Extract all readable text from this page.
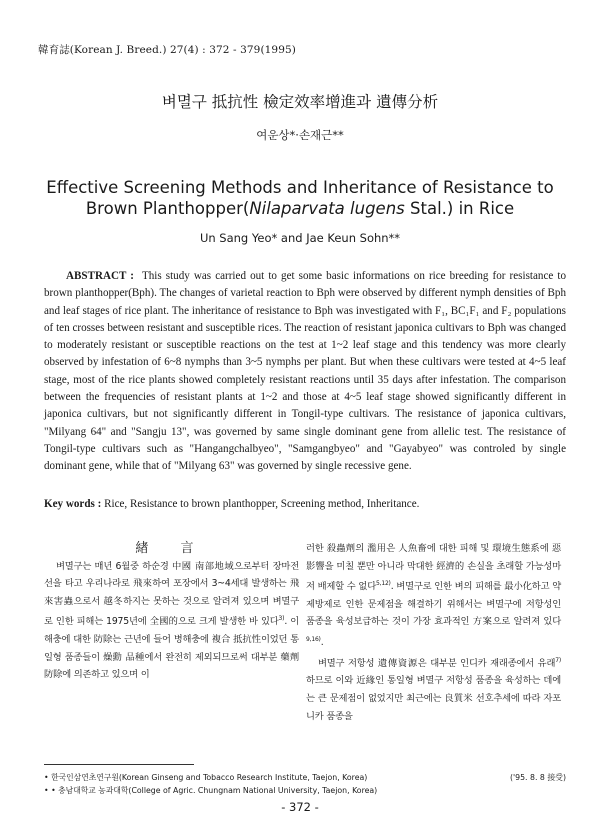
韓育誌(Korean J. Breed.) 27(4) : 372 - 379(1995)
벼멸구 抵抗性 檢定效率增進과 遺傳分析
여운상*·손재근**
Effective Screening Methods and Inheritance of Resistance to
Brown Planthopper(Nilaparvata lugens Stal.) in Rice
Un Sang Yeo* and Jae Keun Sohn**
ABSTRACT : This study was carried out to get some basic informations on rice breeding for resistance to brown planthopper(Bph). The changes of varietal reaction to Bph were observed by different nymph densities of Bph and leaf stages of rice plant. The inheritance of resistance to Bph was investigated with F₁, BC₁F₁ and F₂ populations of ten crosses between resistant and susceptible rices. The reaction of resistant japonica cultivars to Bph was changed to moderately resistant or susceptible reactions on the test at 1~2 leaf stage and this tendency was more clearly observed by infestation of 6~8 nymphs than 3~5 nymphs per plant. But when these cultivars were tested at 4~5 leaf stage, most of the rice plants showed completely resistant reactions until 35 days after infestation. The comparison between the frequencies of resistant plants at 1~2 and those at 4~5 leaf stage showed significantly different in japonica cultivars, but not significantly different in Tongil-type cultivars. The resistance of japonica cultivars, "Milyang 64" and "Sangju 13", was governed by same single dominant gene from allelic test. The resistance of Tongil-type cultivars such as "Hangangchalbyeo", "Samgangbyeo" and "Gayabyeo" was controled by single dominant gene, while that of "Milyang 63" was governed by single recessive gene.
Key words : Rice, Resistance to brown planthopper, Screening method, Inheritance.

緖 言

벼멸구는 매년 6월중 하순경 中國 南部地域으로부터 장마전선을 타고 우리나라로 飛來하여 포장에서 3~4세대 발생하는 飛來害蟲으로서 越冬하지는 못하는 것으로 알려져 있으며 벼멸구로 인한 피해는 1975년에 全國的으로 크게 발생한 바 있다$^{3)}$. 이 해충에 대한 防除는 근년에 들어 병해충에 複合 抵抗性이었던 통일형 품종들이 燥勳 品種에서 완전히 제외되므로써 대부분 藥劑防除에 의존하고 있으며 이

러한 殺蟲劑의 濫用은 人魚畜에 대한 피해 및 環境生態系에 惡影響을 미칠 뿐만 아니라 막대한 經濟的 손실을 초래할 가능성마저 배제할 수 없다$^{5,12)}$. 벼멸구로 인한 벼의 피해를 最小化하고 약제방제로 인한 문제점을 해결하기 위해서는 벼멸구에 저항성인 품종을 육성보급하는 것이 가장 효과적인 方案으로 알려져 있다$^{9,16)}$.

벼멸구 저항성 遺傳資源은 대부분 인디카 재래종에서 유래$^{7)}$하므로 이와 近緣인 통일형 벼멸구 저항성 품종을 육성하는 데에는 큰 문제점이 없었지만 최근에는 良質米 선호추세에 따라 자포니카 품종을

• 한국인삼연초연구원(Korean Ginseng and Tobacco Research Institute, Taejon, Korea)	('95. 8. 8 接受)
• • 충남대학교 농과대학(College of Agric. Chungnam National University, Taejon, Korea)
- 372 -
